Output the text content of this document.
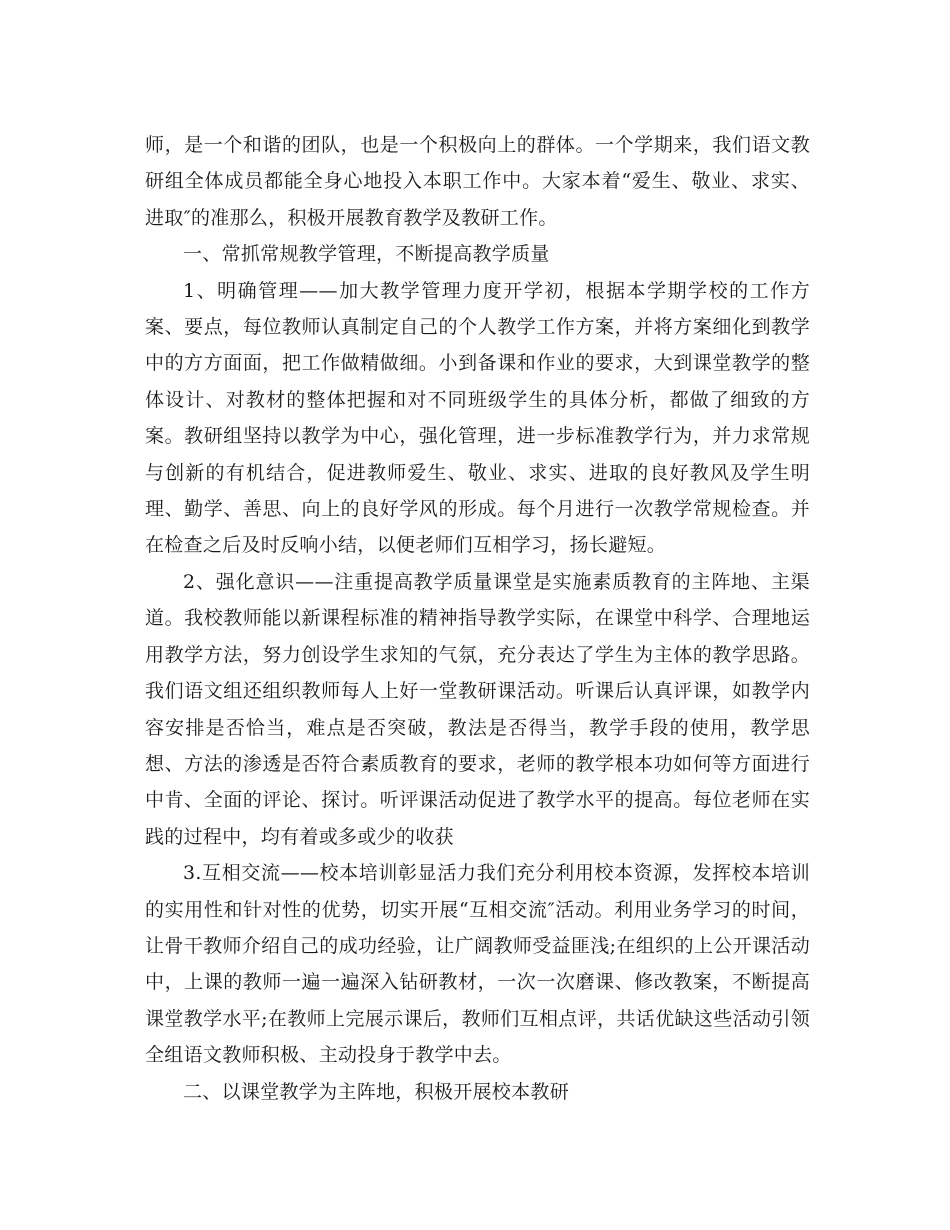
师，是一个和谐的团队，也是一个积极向上的群体。一个学期来，我们语文教研组全体成员都能全身心地投入本职工作中。大家本着“爱生、敬业、求实、进取″的准那么，积极开展教育教学及教研工作。

一、常抓常规教学管理，不断提高教学质量

1、明确管理——加大教学管理力度开学初，根据本学期学校的工作方案、要点，每位教师认真制定自己的个人教学工作方案，并将方案细化到教学中的方方面面，把工作做精做细。小到备课和作业的要求，大到课堂教学的整体设计、对教材的整体把握和对不同班级学生的具体分析，都做了细致的方案。教研组坚持以教学为中心，强化管理，进一步标准教学行为，并力求常规与创新的有机结合，促进教师爱生、敬业、求实、进取的良好教风及学生明理、勤学、善思、向上的良好学风的形成。每个月进行一次教学常规检查。并在检查之后及时反响小结，以便老师们互相学习，扬长避短。

2、强化意识——注重提高教学质量课堂是实施素质教育的主阵地、主渠道。我校教师能以新课程标准的精神指导教学实际，在课堂中科学、合理地运用教学方法，努力创设学生求知的气氛，充分表达了学生为主体的教学思路。我们语文组还组织教师每人上好一堂教研课活动。听课后认真评课，如教学内容安排是否恰当，难点是否突破，教法是否得当，教学手段的使用，教学思想、方法的渗透是否符合素质教育的要求，老师的教学根本功如何等方面进行中肯、全面的评论、探讨。听评课活动促进了教学水平的提高。每位老师在实践的过程中，均有着或多或少的收获

3.互相交流——校本培训彰显活力我们充分利用校本资源，发挥校本培训的实用性和针对性的优势，切实开展“互相交流″活动。利用业务学习的时间，让骨干教师介绍自己的成功经验，让广阔教师受益匪浅;在组织的上公开课活动中，上课的教师一遍一遍深入钻研教材，一次一次磨课、修改教案，不断提高课堂教学水平;在教师上完展示课后，教师们互相点评，共话优缺这些活动引领全组语文教师积极、主动投身于教学中去。

二、以课堂教学为主阵地，积极开展校本教研
